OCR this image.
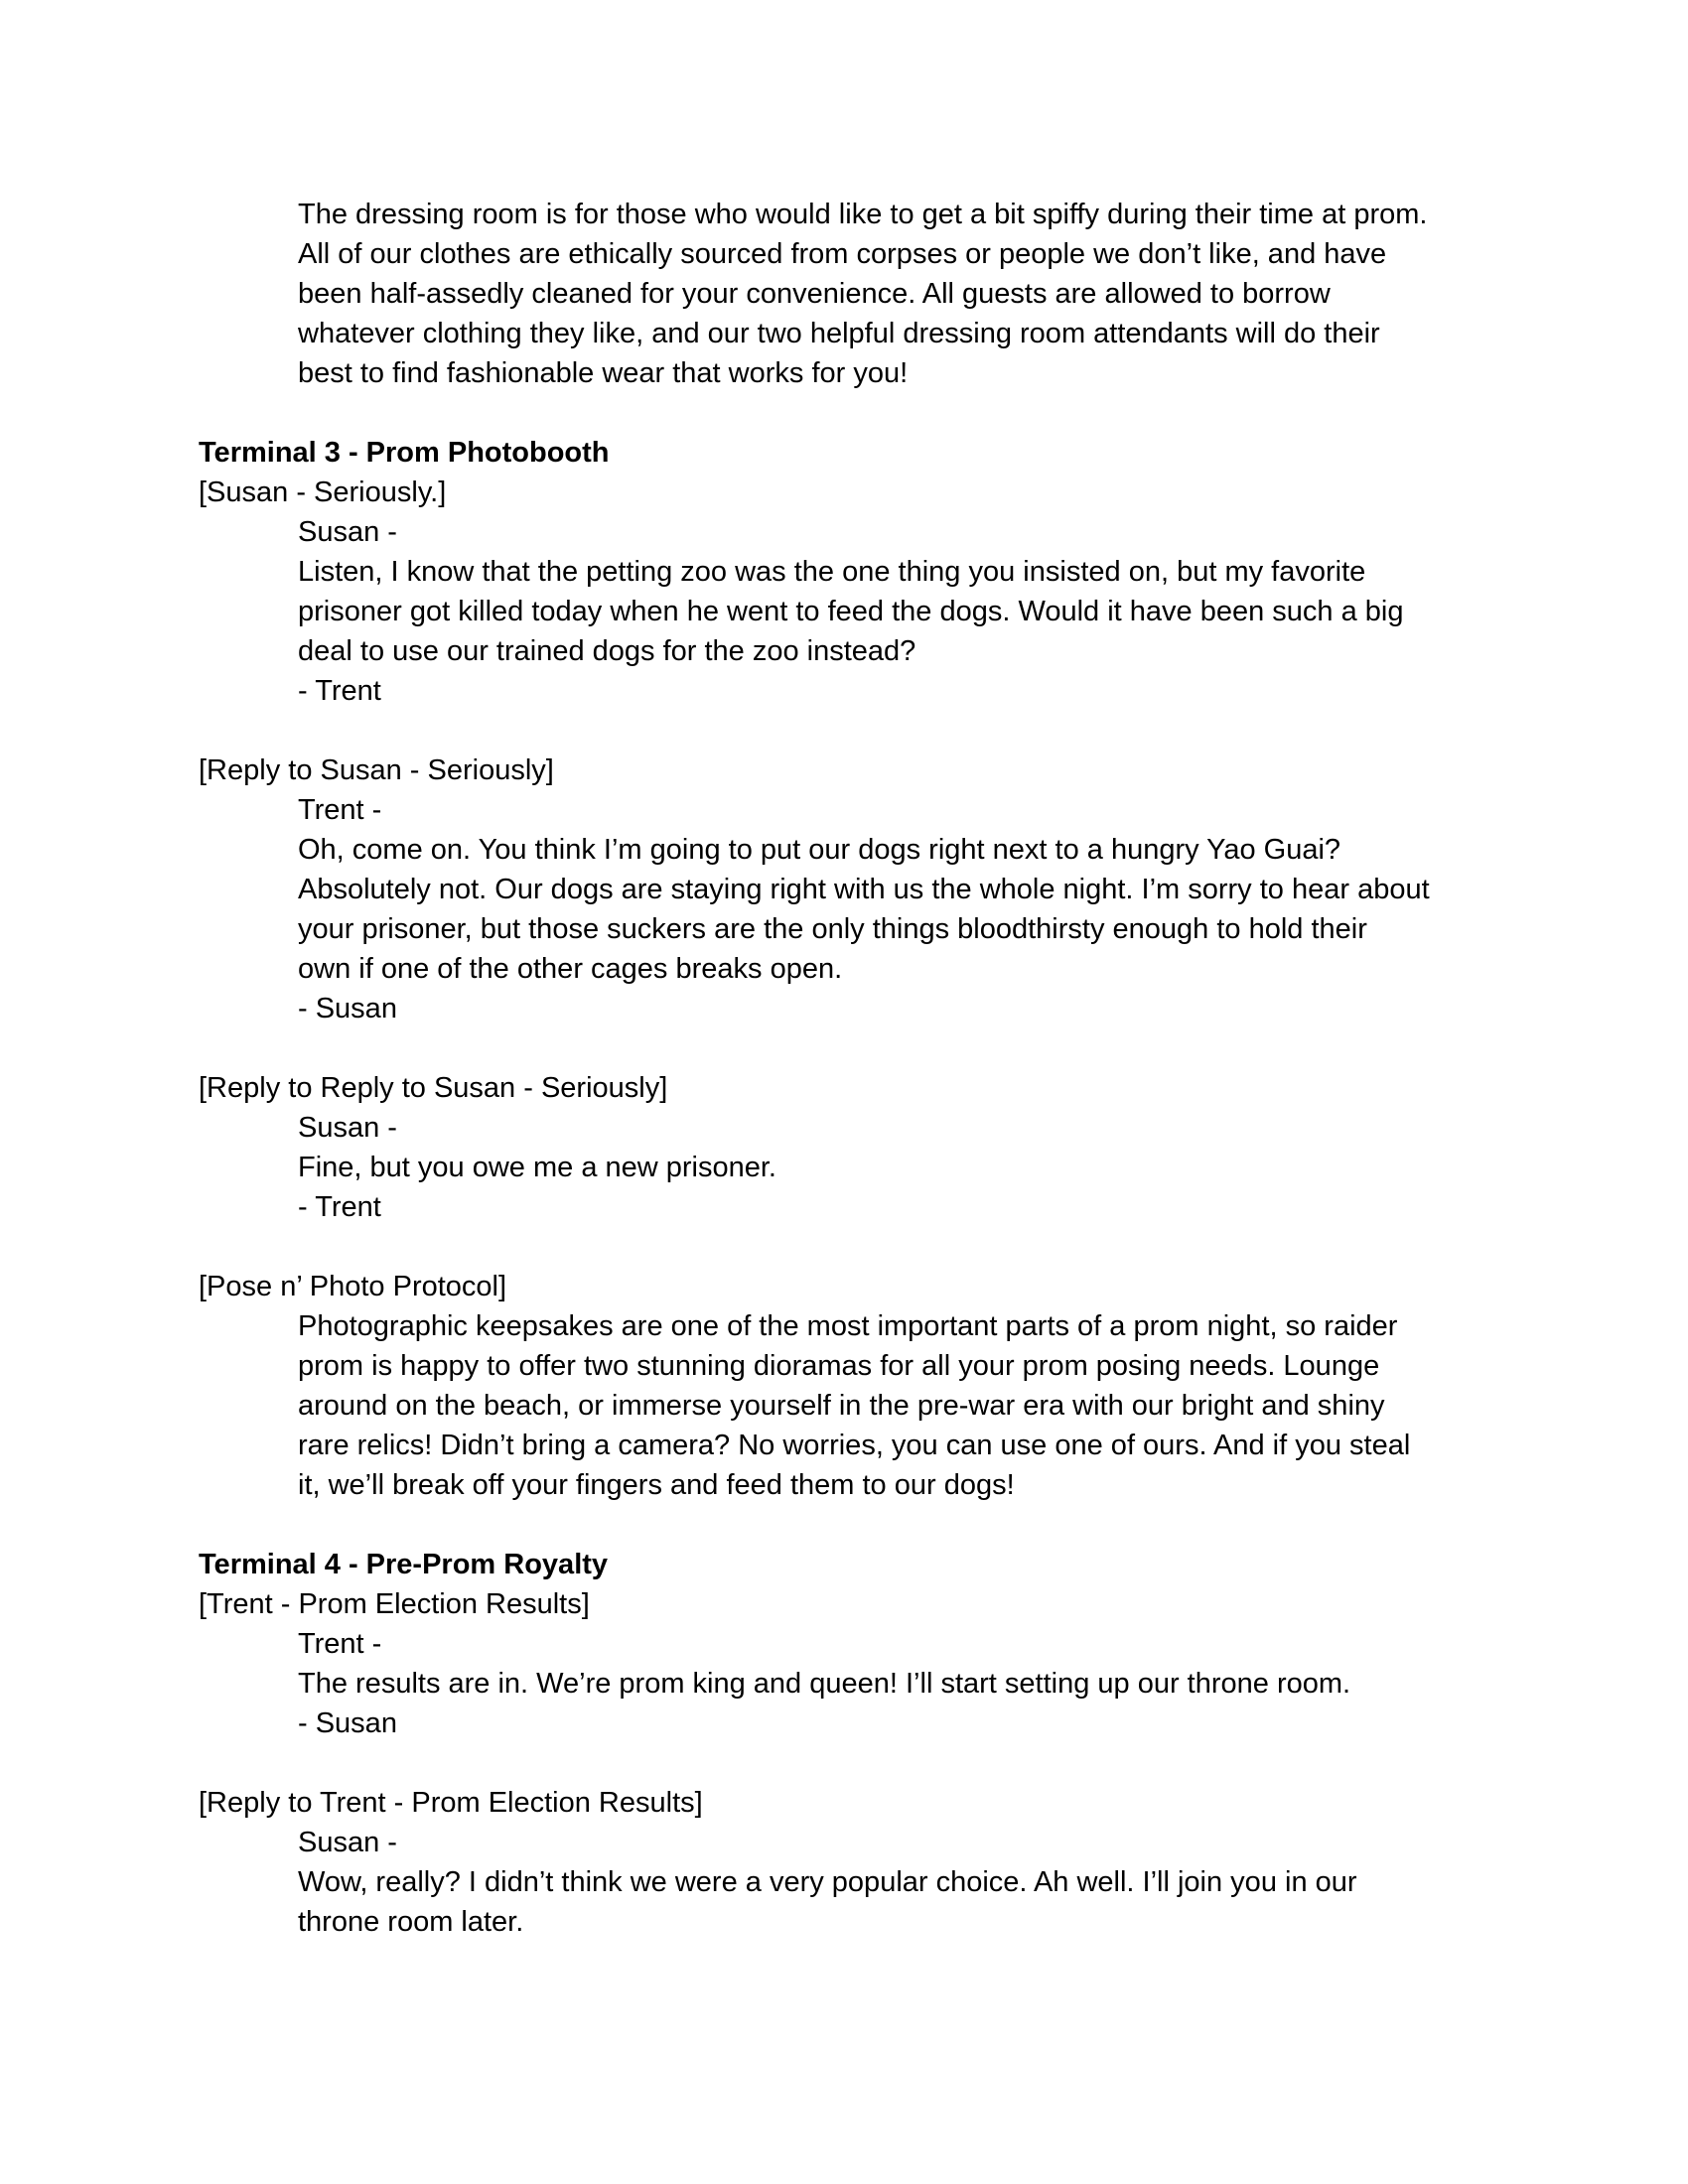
The dressing room is for those who would like to get a bit spiffy during their time at prom.

All of our clothes are ethically sourced from corpses or people we don’t like, and have

been half-assedly cleaned for your convenience. All guests are allowed to borrow

whatever clothing they like, and our two helpful dressing room attendants will do their

best to find fashionable wear that works for you!

Terminal 3 - Prom Photobooth

[Susan - Seriously.]

Susan -

Listen, I know that the petting zoo was the one thing you insisted on, but my favorite

prisoner got killed today when he went to feed the dogs. Would it have been such a big

deal to use our trained dogs for the zoo instead?

- Trent

[Reply to Susan - Seriously]

Trent -

Oh, come on. You think I’m going to put our dogs right next to a hungry Yao Guai?

Absolutely not. Our dogs are staying right with us the whole night. I’m sorry to hear about

your prisoner, but those suckers are the only things bloodthirsty enough to hold their

own if one of the other cages breaks open.

- Susan

[Reply to Reply to Susan - Seriously]

Susan -

Fine, but you owe me a new prisoner.

- Trent

[Pose n’ Photo Protocol]

Photographic keepsakes are one of the most important parts of a prom night, so raider

prom is happy to offer two stunning dioramas for all your prom posing needs. Lounge

around on the beach, or immerse yourself in the pre-war era with our bright and shiny

rare relics! Didn’t bring a camera? No worries, you can use one of ours. And if you steal

it, we’ll break off your fingers and feed them to our dogs!

Terminal 4 - Pre-Prom Royalty

[Trent - Prom Election Results]

Trent -

The results are in. We’re prom king and queen! I’ll start setting up our throne room.

- Susan

[Reply to Trent - Prom Election Results]

Susan -

Wow, really? I didn’t think we were a very popular choice. Ah well. I’ll join you in our

throne room later.
